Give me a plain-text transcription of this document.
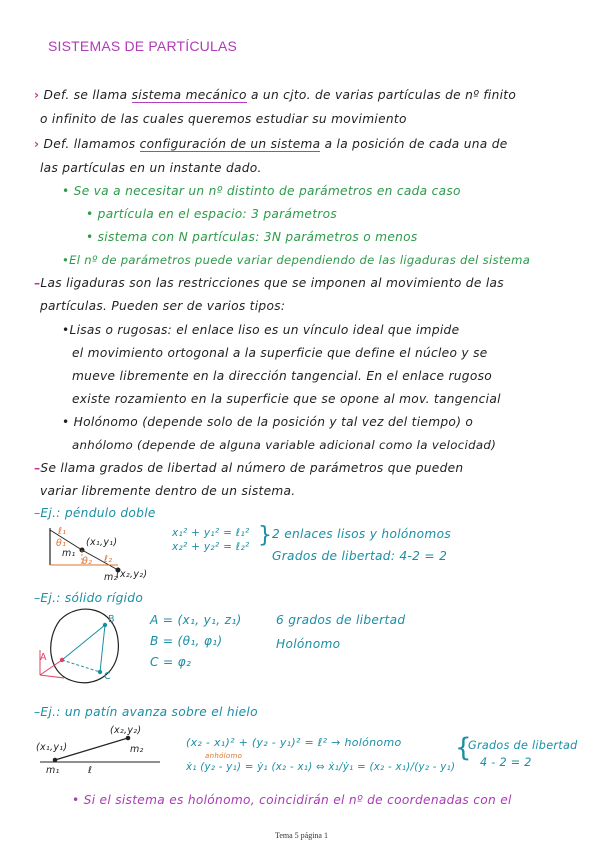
SISTEMAS DE PARTÍCULAS
› Def. se llama sistema mecánico a un cjto. de varias partículas de nº finito
o infinito de las cuales queremos estudiar su movimiento
› Def. llamamos configuración de un sistema a la posición de cada una de
las partículas en un instante dado.
• Se va a necesitar un nº distinto de parámetros en cada caso
• partícula en el espacio: 3 parámetros
• sistema con N partículas: 3N parámetros o menos
•El nº de parámetros puede variar dependiendo de las ligaduras del sistema
–Las ligaduras son las restricciones que se imponen al movimiento de las
partículas. Pueden ser de varios tipos:
•Lisas o rugosas: el enlace liso es un vínculo ideal que impide
el movimiento ortogonal a la superficie que define el núcleo y se
mueve libremente en la dirección tangencial. En el enlace rugoso
existe rozamiento en la superficie que se opone al mov. tangencial
• Holónomo (depende solo de la posición y tal vez del tiempo) o
anhólomo (depende de alguna variable adicional como la velocidad)
–Se llama grados de libertad al número de parámetros que pueden
variar libremente dentro de un sistema.
–Ej.: péndulo doble
(x₁,y₁)
(x₂,y₂)
m₁
m₂
ℓ₁
ℓ₂
θ₁
θ₂
x₁² + y₁² = ℓ₁²
x₂² + y₂² = ℓ₂² } 2 enlaces lisos y holónomos
Grados de libertad: 4-2 = 2
–Ej.: sólido rígido
A
B
C
A = (x₁, y₁, z₁)
B = (θ₁, φ₁)
C = φ₂
6 grados de libertad
Holónomo
–Ej.: un patín avanza sobre el hielo
(x₁,y₁)
(x₂,y₂)
m₁
m₂
ℓ
(x₂ - x₁)² + (y₂ - y₁)² = ℓ² → holónomo
anhólomo
ẋ₁ (y₂ - y₁) = ẏ₁ (x₂ - x₁) ⇔ ẋ₁/ẏ₁ = (x₂ - x₁)/(y₂ - y₁)
{
Grados de libertad
4 - 2 = 2
• Si el sistema es holónomo, coincidirán el nº de coordenadas con el
Tema 5 página 1
